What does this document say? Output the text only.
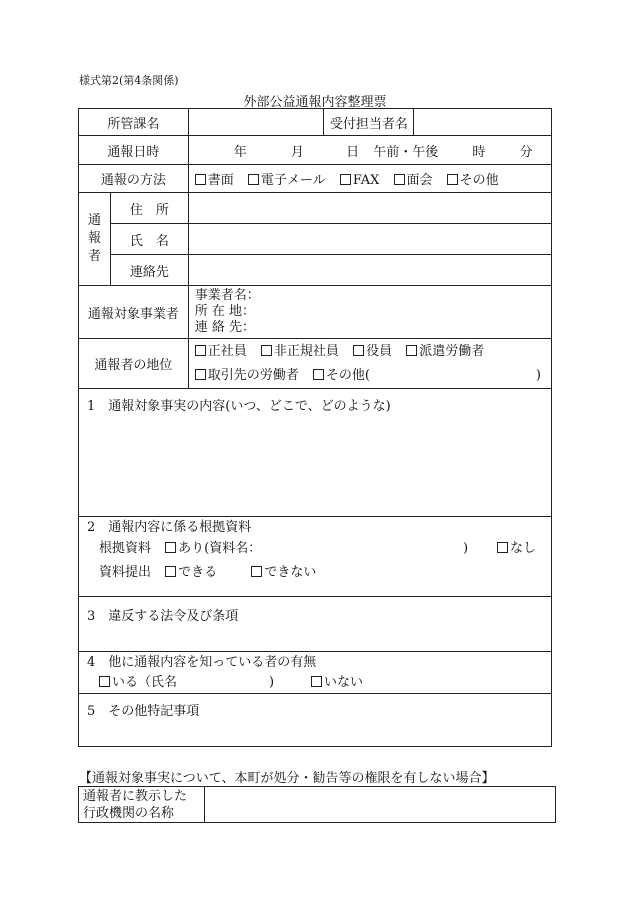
様式第2(第4条関係)
外部公益通報内容整理票
所管課名			受付担当者名	
通報日時		年 月 日 午前・午後 時 分		
通報の方法		書面 電子メール FAX 面会 その他		

通報者	住　所			
	氏　名			
	連絡先			
通報対象事業者		事業者名：
所 在 地：
連 絡 先：		

通報者の地位		正社員 非正規社員 役員 派遣労働者
取引先の労働者 その他( )		

1　通報対象事実の内容(いつ、どこで、どのような)				

2　通報内容に係る根拠資料
根拠資料 あり(資料名： ) なし
資料提出 できる できない				

3　違反する法令及び条項				

4　他に通報内容を知っている者の有無
いる（氏名 ) いない				

5　その他特記事項				
【通報対象事実について、本町が処分・勧告等の権限を有しない場合】
通報者に教示した
行政機関の名称
